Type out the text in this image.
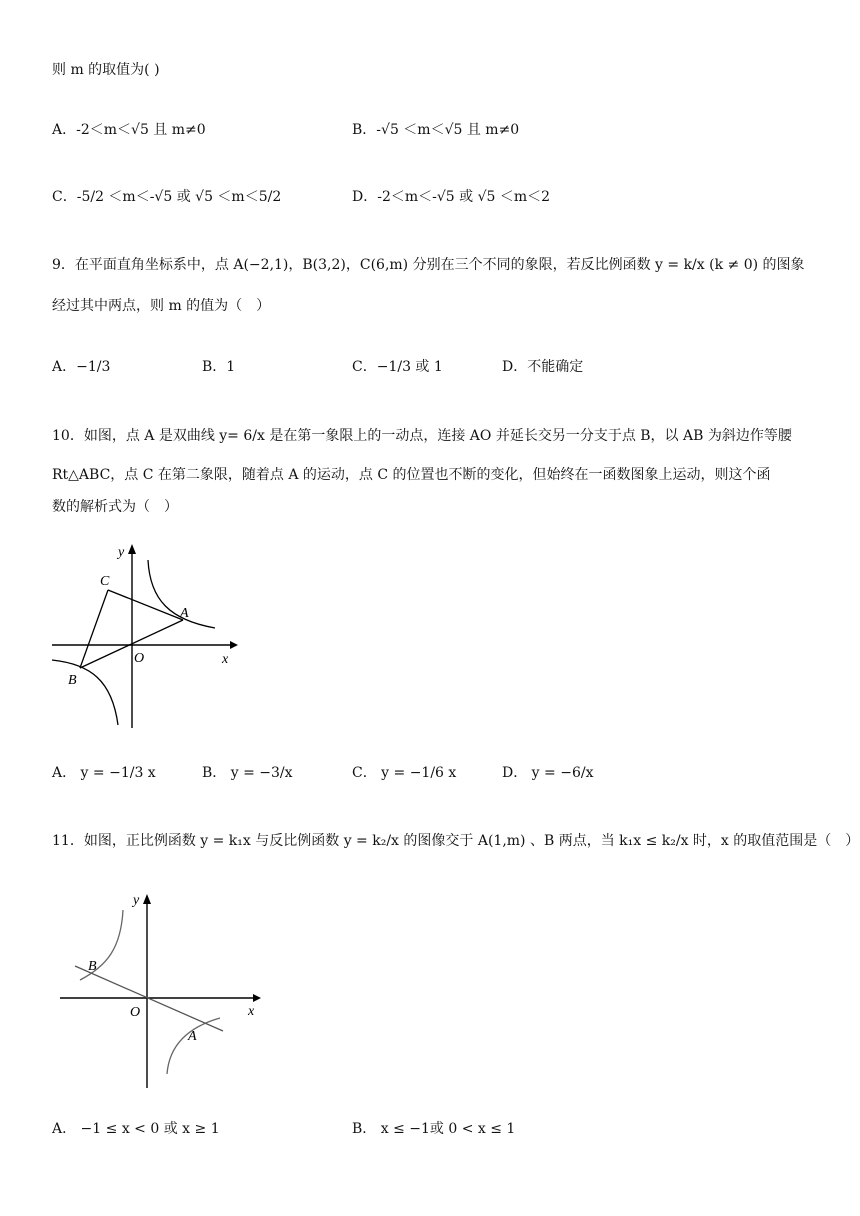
则 m 的取值为( )
A．-2＜m＜√5 且 m≠0	B．-√5 ＜m＜√5 且 m≠0
C．-5/2 ＜m＜-√5 或 √5 ＜m＜5/2	D．-2＜m＜-√5 或 √5 ＜m＜2
9．在平面直角坐标系中，点 A(−2,1)，B(3,2)，C(6,m) 分别在三个不同的象限，若反比例函数 y = k/x (k ≠ 0) 的图象
经过其中两点，则 m 的值为（　）
A．−1/3	B．1	C．−1/3 或 1	D．不能确定
10．如图，点 A 是双曲线 y= 6/x 是在第一象限上的一动点，连接 AO 并延长交另一分支于点 B，以 AB 为斜边作等腰
Rt△ABC，点 C 在第二象限，随着点 A 的运动，点 C 的位置也不断的变化，但始终在一函数图象上运动，则这个函
数的解析式为（　）
y
x
O
A
B
C
A． y = −1/3 x	B． y = −3/x	C． y = −1/6 x	D． y = −6/x
11．如图，正比例函数 y = k₁x 与反比例函数 y = k₂/x 的图像交于 A(1,m) 、B 两点，当 k₁x ≤ k₂/x 时，x 的取值范围是（　）
y
x
O
A
B
A． −1 ≤ x < 0 或 x ≥ 1	B． x ≤ −1或 0 < x ≤ 1
